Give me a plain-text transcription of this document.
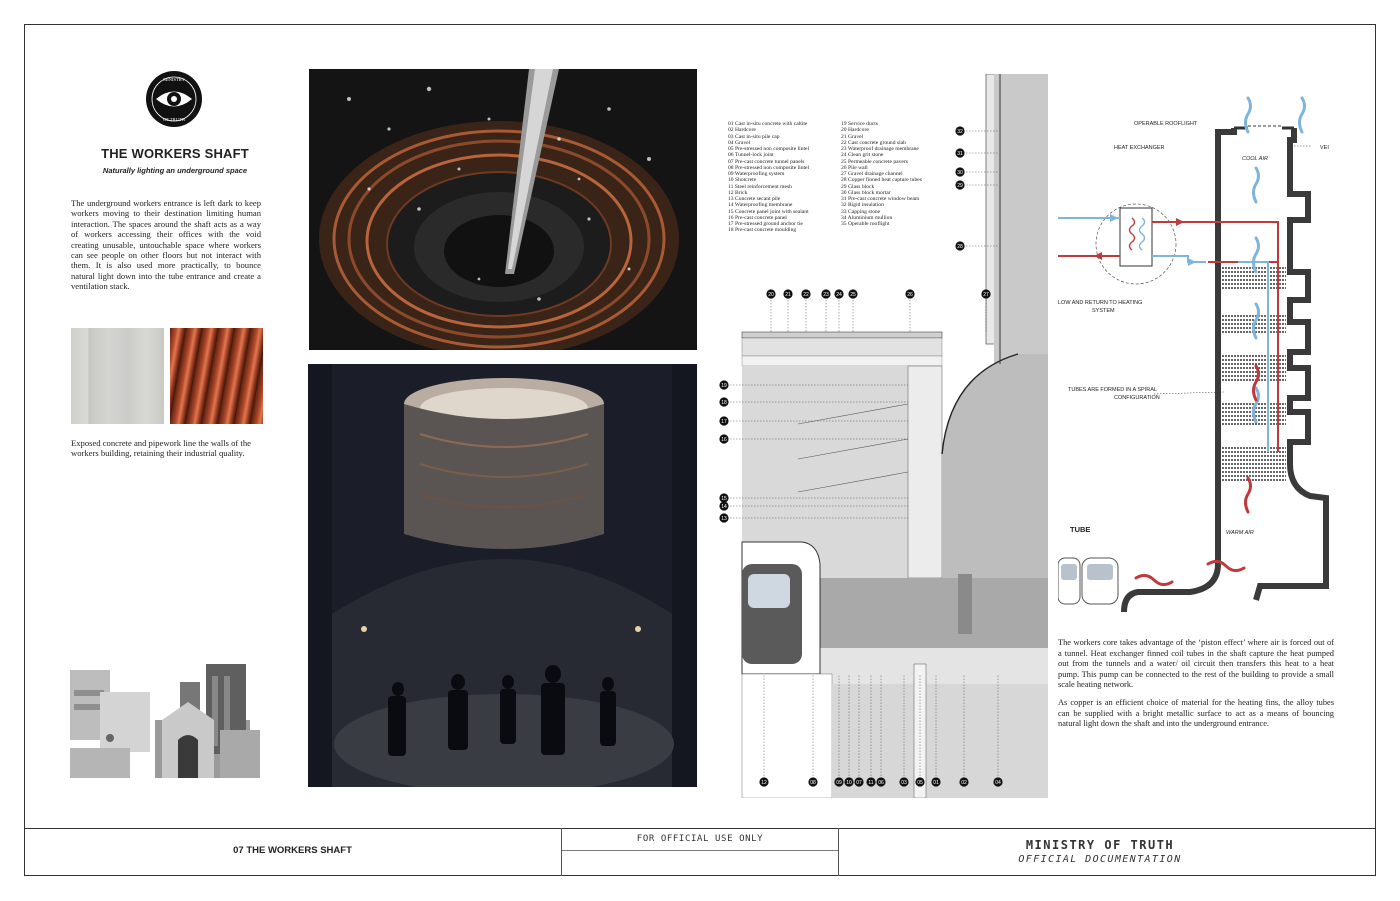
MINISTRY
OF TRUTH
THE WORKERS SHAFT
Naturally lighting an underground space
The underground workers entrance is left dark to keep workers moving to their destination limiting human interaction. The spaces around the shaft acts as a way of workers accessing their offices with the void creating unusable, untouchable space where workers can see people on other floors but not interact with them. It is also used more practically, to bounce natural light down into the tube entrance and create a ventilation stack.
Exposed concrete and pipework line the walls of the workers building, retaining their industrial quality.
01 Cast in-situ concrete with caltite
02 Hardcore
03 Cast in-situ pile cap
04 Gravel
05 Pre-stressed non composite lintel
06 Tunnel-lock joint
07 Pre-cast concrete tunnel panels
08 Pre-stressed non composite lintel
09 Waterproofing system
10 Shotcrete
11 Steel reinforcement mesh
12 Brick
13 Concrete secant pile
14 Waterproofing membrane
15 Concrete panel joint with sealant
16 Pre-cast concrete panel
17 Pre-stressed ground anchor tie
18 Pre-cast concrete moulding
19 Service ducts
20 Hardcore
21 Gravel
22 Cast concrete ground slab
23 Waterproof drainage membrane
24 Clean grit stone
25 Permeable concrete pavers
26 Pile wall
27 Gravel drainage channel
28 Copper finned heat capture tubes
29 Glass block
30 Glass block mortar
31 Pre-cast concrete window beam
32 Rigid insulation
33 Capping stone
34 Aluminium mullion
35 Operable rooflight
20 21 22	23 24 25	26	27
19
18
17
16
15
14
13
32
31
30
29
28
12	08	09 10 07 11 06	03 05 01	02	04
OPERABLE ROOFLIGHT
VEI
HEAT EXCHANGER
COOL AIR
LOW AND RETURN TO HEATING SYSTEM
TUBES ARE FORMED IN A SPIRAL CONFIGURATION
TUBE	WARM AIR
The workers core takes advantage of the ‘piston effect’ where air is forced out of a tunnel. Heat exchanger finned coil tubes in the shaft capture the heat pumped out from the tunnels and a water/ oil circuit then transfers this heat to a heat pump. This pump can be connected to the rest of the building to provide a small scale heating network.
As copper is an efficient choice of material for the heating fins, the alloy tubes can be supplied with a bright metallic surface to act as a means of bouncing natural light down the shaft and into the underground entrance.
07 THE WORKERS SHAFT
FOR OFFICIAL USE ONLY	MINISTRY OF TRUTH
OFFICIAL DOCUMENTATION
